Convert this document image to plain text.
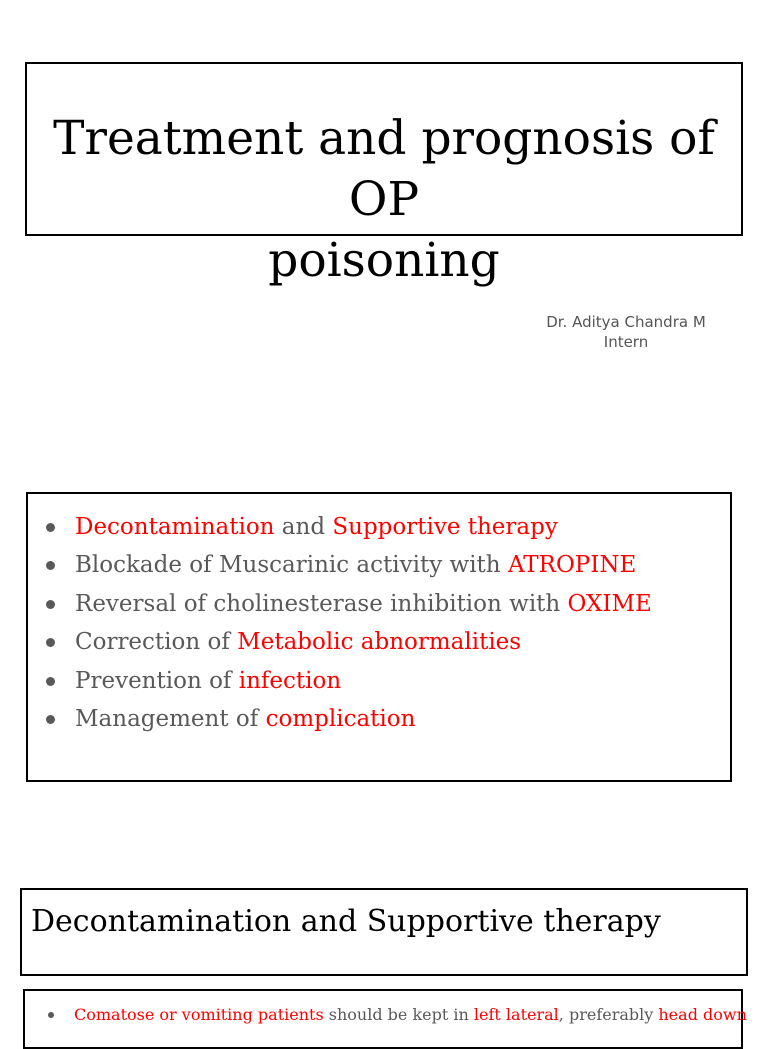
Treatment and prognosis of OP
poisoning
Dr. Aditya Chandra M
Intern
Decontamination and Supportive therapy
Blockade of Muscarinic activity with ATROPINE
Reversal of cholinesterase inhibition with OXIME
Correction of Metabolic abnormalities
Prevention of infection
Management of complication
Decontamination and Supportive therapy
Comatose or vomiting patients should be kept in left lateral, preferably head down
